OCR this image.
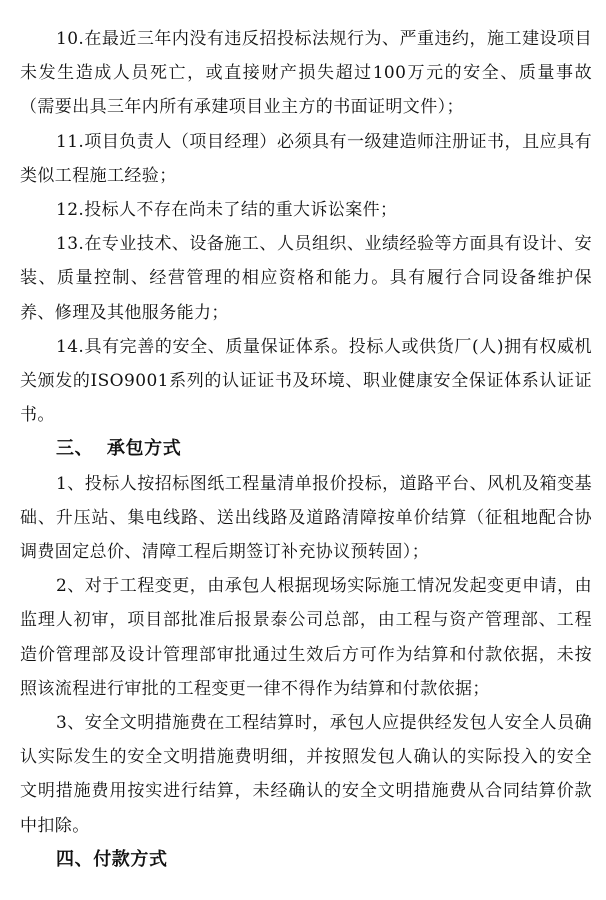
10.在最近三年内没有违反招投标法规行为、严重违约，施工建设项目未发生造成人员死亡，或直接财产损失超过100万元的安全、质量事故（需要出具三年内所有承建项目业主方的书面证明文件）；

11.项目负责人（项目经理）必须具有一级建造师注册证书，且应具有类似工程施工经验；

12.投标人不存在尚未了结的重大诉讼案件；

13.在专业技术、设备施工、人员组织、业绩经验等方面具有设计、安装、质量控制、经营管理的相应资格和能力。具有履行合同设备维护保养、修理及其他服务能力；

14.具有完善的安全、质量保证体系。投标人或供货厂(人)拥有权威机关颁发的ISO9001系列的认证证书及环境、职业健康安全保证体系认证证书。

三、  承包方式

1、投标人按招标图纸工程量清单报价投标，道路平台、风机及箱变基础、升压站、集电线路、送出线路及道路清障按单价结算（征租地配合协调费固定总价、清障工程后期签订补充协议预转固）；

2、对于工程变更，由承包人根据现场实际施工情况发起变更申请，由监理人初审，项目部批准后报景泰公司总部，由工程与资产管理部、工程造价管理部及设计管理部审批通过生效后方可作为结算和付款依据，未按照该流程进行审批的工程变更一律不得作为结算和付款依据；

3、安全文明措施费在工程结算时，承包人应提供经发包人安全人员确认实际发生的安全文明措施费明细，并按照发包人确认的实际投入的安全文明措施费用按实进行结算，未经确认的安全文明措施费从合同结算价款中扣除。

四、付款方式
